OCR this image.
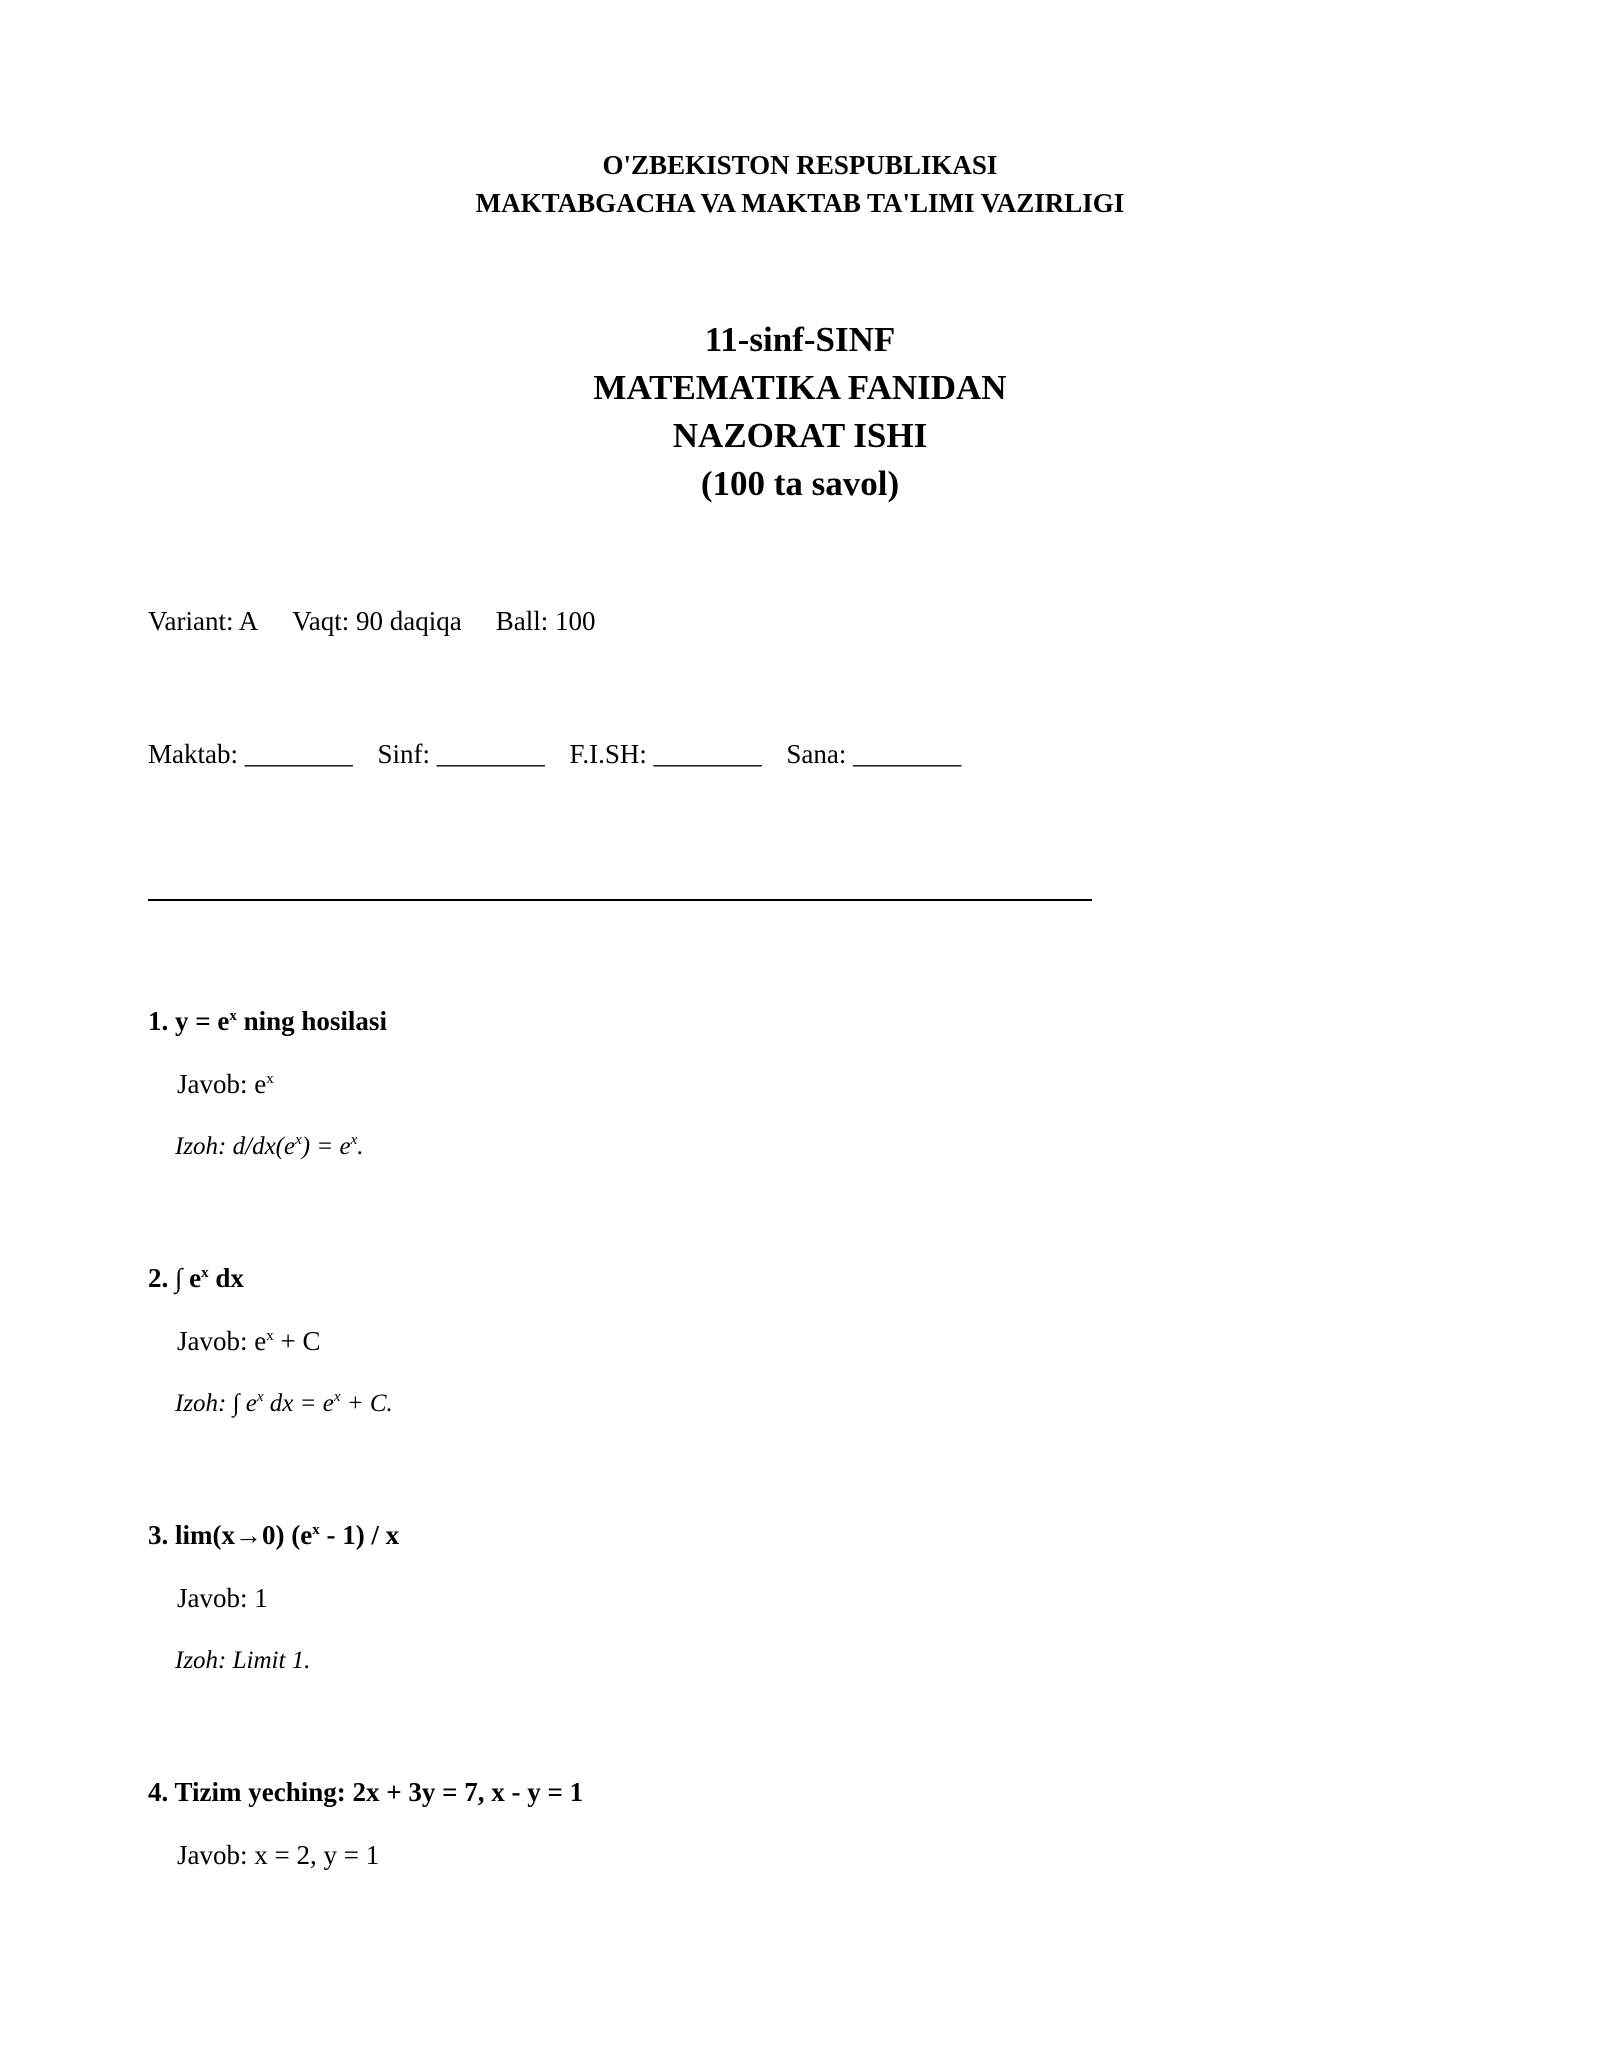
O'ZBEKISTON RESPUBLIKASI
MAKTABGACHA VA MAKTAB TA'LIMI VAZIRLIGI
11-sinf-SINF
MATEMATIKA FANIDAN
NAZORAT ISHI
(100 ta savol)
Variant: A Vaqt: 90 daqiqa Ball: 100
Maktab: ________ Sinf: ________ F.I.SH: ________ Sana: ________
1. $y = e^x$ ning hosilasi
Javob: $e^x$
Izoh: $d/dx(e^x) = e^x$.
2. ∫ $e^x$ dx
Javob: $e^x + C$
Izoh: ∫ $e^x$ dx = $e^x + C$.
3. lim(x→0) $(e^x - 1)$ / x
Javob: 1
Izoh: Limit 1.
4. Tizim yeching: 2x + 3y = 7, x - y = 1
Javob: x = 2, y = 1
